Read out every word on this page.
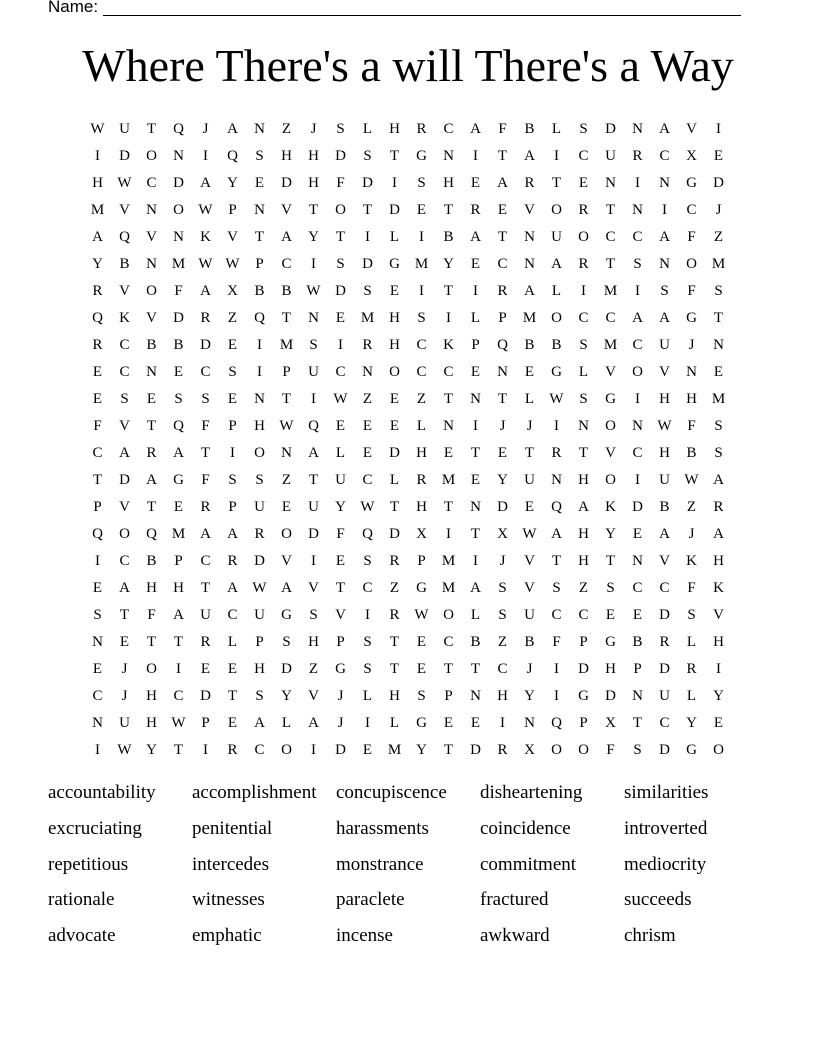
Name:
Where There's a will There's a Way
W U	T	Q	J	A	N	Z	J	S	L	H	R	C	A	F	B	L	S	D	N	A	V	I
I	D	O	N	I	Q	S	H	H	D	S	T	G	N	I	T	A	I	C	U	R	C	X	E
H W C	D	A	Y	E	D	H	F	D	I	S	H	E	A	R	T	E	N	I	N	G	D
M V	N	O W	P	N	V	T	O	T	D	E	T	R	E	V	O	R	T	N	I	C	J
A	Q	V	N	K	V	T	A	Y	T	I	L	I	B	A	T	N	U	O	C	C	A	F	Z
Y	B	N M W W	P	C	I	S	D	G M Y	E	C	N	A	R	T	S	N	O M
R	V	O	F	A	X	B	B W D	S	E	I	T	I	R	A	L	I	M	I	S	F	S
Q	K	V	D	R	Z	Q	T	N	E	M H	S	I	L	P	M O	C	C	A	A	G	T
R	C	B	B	D	E	I	M	S	I	R	H	C	K	P	Q	B	B	S	M	C	U	J	N
E	C	N	E	C	S	I	P	U	C	N	O	C	C	E	N	E	G	L	V	O	V	N	E
E	S	E	S	S	E	N	T	I	W	Z	E	Z	T	N	T	L	W	S	G	I	H	H M
F	V	T	Q	F	P	H W Q	E	E	E	L	N	I	J	J	I	N	O	N W	F	S
C	A	R	A	T	I	O	N	A	L	E	D	H	E	T	E	T	R	T	V	C	H	B	S
T	D	A	G	F	S	S	Z	T	U	C	L	R	M	E	Y	U	N	H	O	I	U W A
P	V	T	E	R	P	U	E	U	Y W	T	H	T	N	D	E	Q	A	K	D	B	Z	R
Q	O	Q M A	A	R	O	D	F	Q	D	X	I	T	X W A	H	Y	E	A	J	A
I	C	B	P	C	R	D	V	I	E	S	R	P	M	I	J	V	T	H	T	N	V	K	H
E	A	H	H	T	A W A	V	T	C	Z	G M A	S	V	S	Z	S	C	C	F	K
S	T	F	A	U	C	U	G	S	V	I	R W O	L	S	U	C	C	E	E	D	S	V
N	E	T	T	R	L	P	S	H	P	S	T	E	C	B	Z	B	F	P	G	B	R	L	H
E	J	O	I	E	E	H	D	Z	G	S	T	E	T	T	C	J	I	D	H	P	D	R	I
C	J	H	C	D	T	S	Y	V	J	L	H	S	P	N	H	Y	I	G	D	N	U	L	Y
N	U	H W	P	E	A	L	A	J	I	L	G	E	E	I	N	Q	P	X	T	C	Y	E
I	W Y	T	I	R	C	O	I	D	E	M Y	T	D	R	X	O	O	F	S	D	G	O
accountability	accomplishment	concupiscence	disheartening	similarities
excruciating	penitential	harassments	coincidence	introverted
repetitious	intercedes	monstrance	commitment	mediocrity
rationale	witnesses	paraclete	fractured	succeeds
advocate	emphatic	incense	awkward	chrism
